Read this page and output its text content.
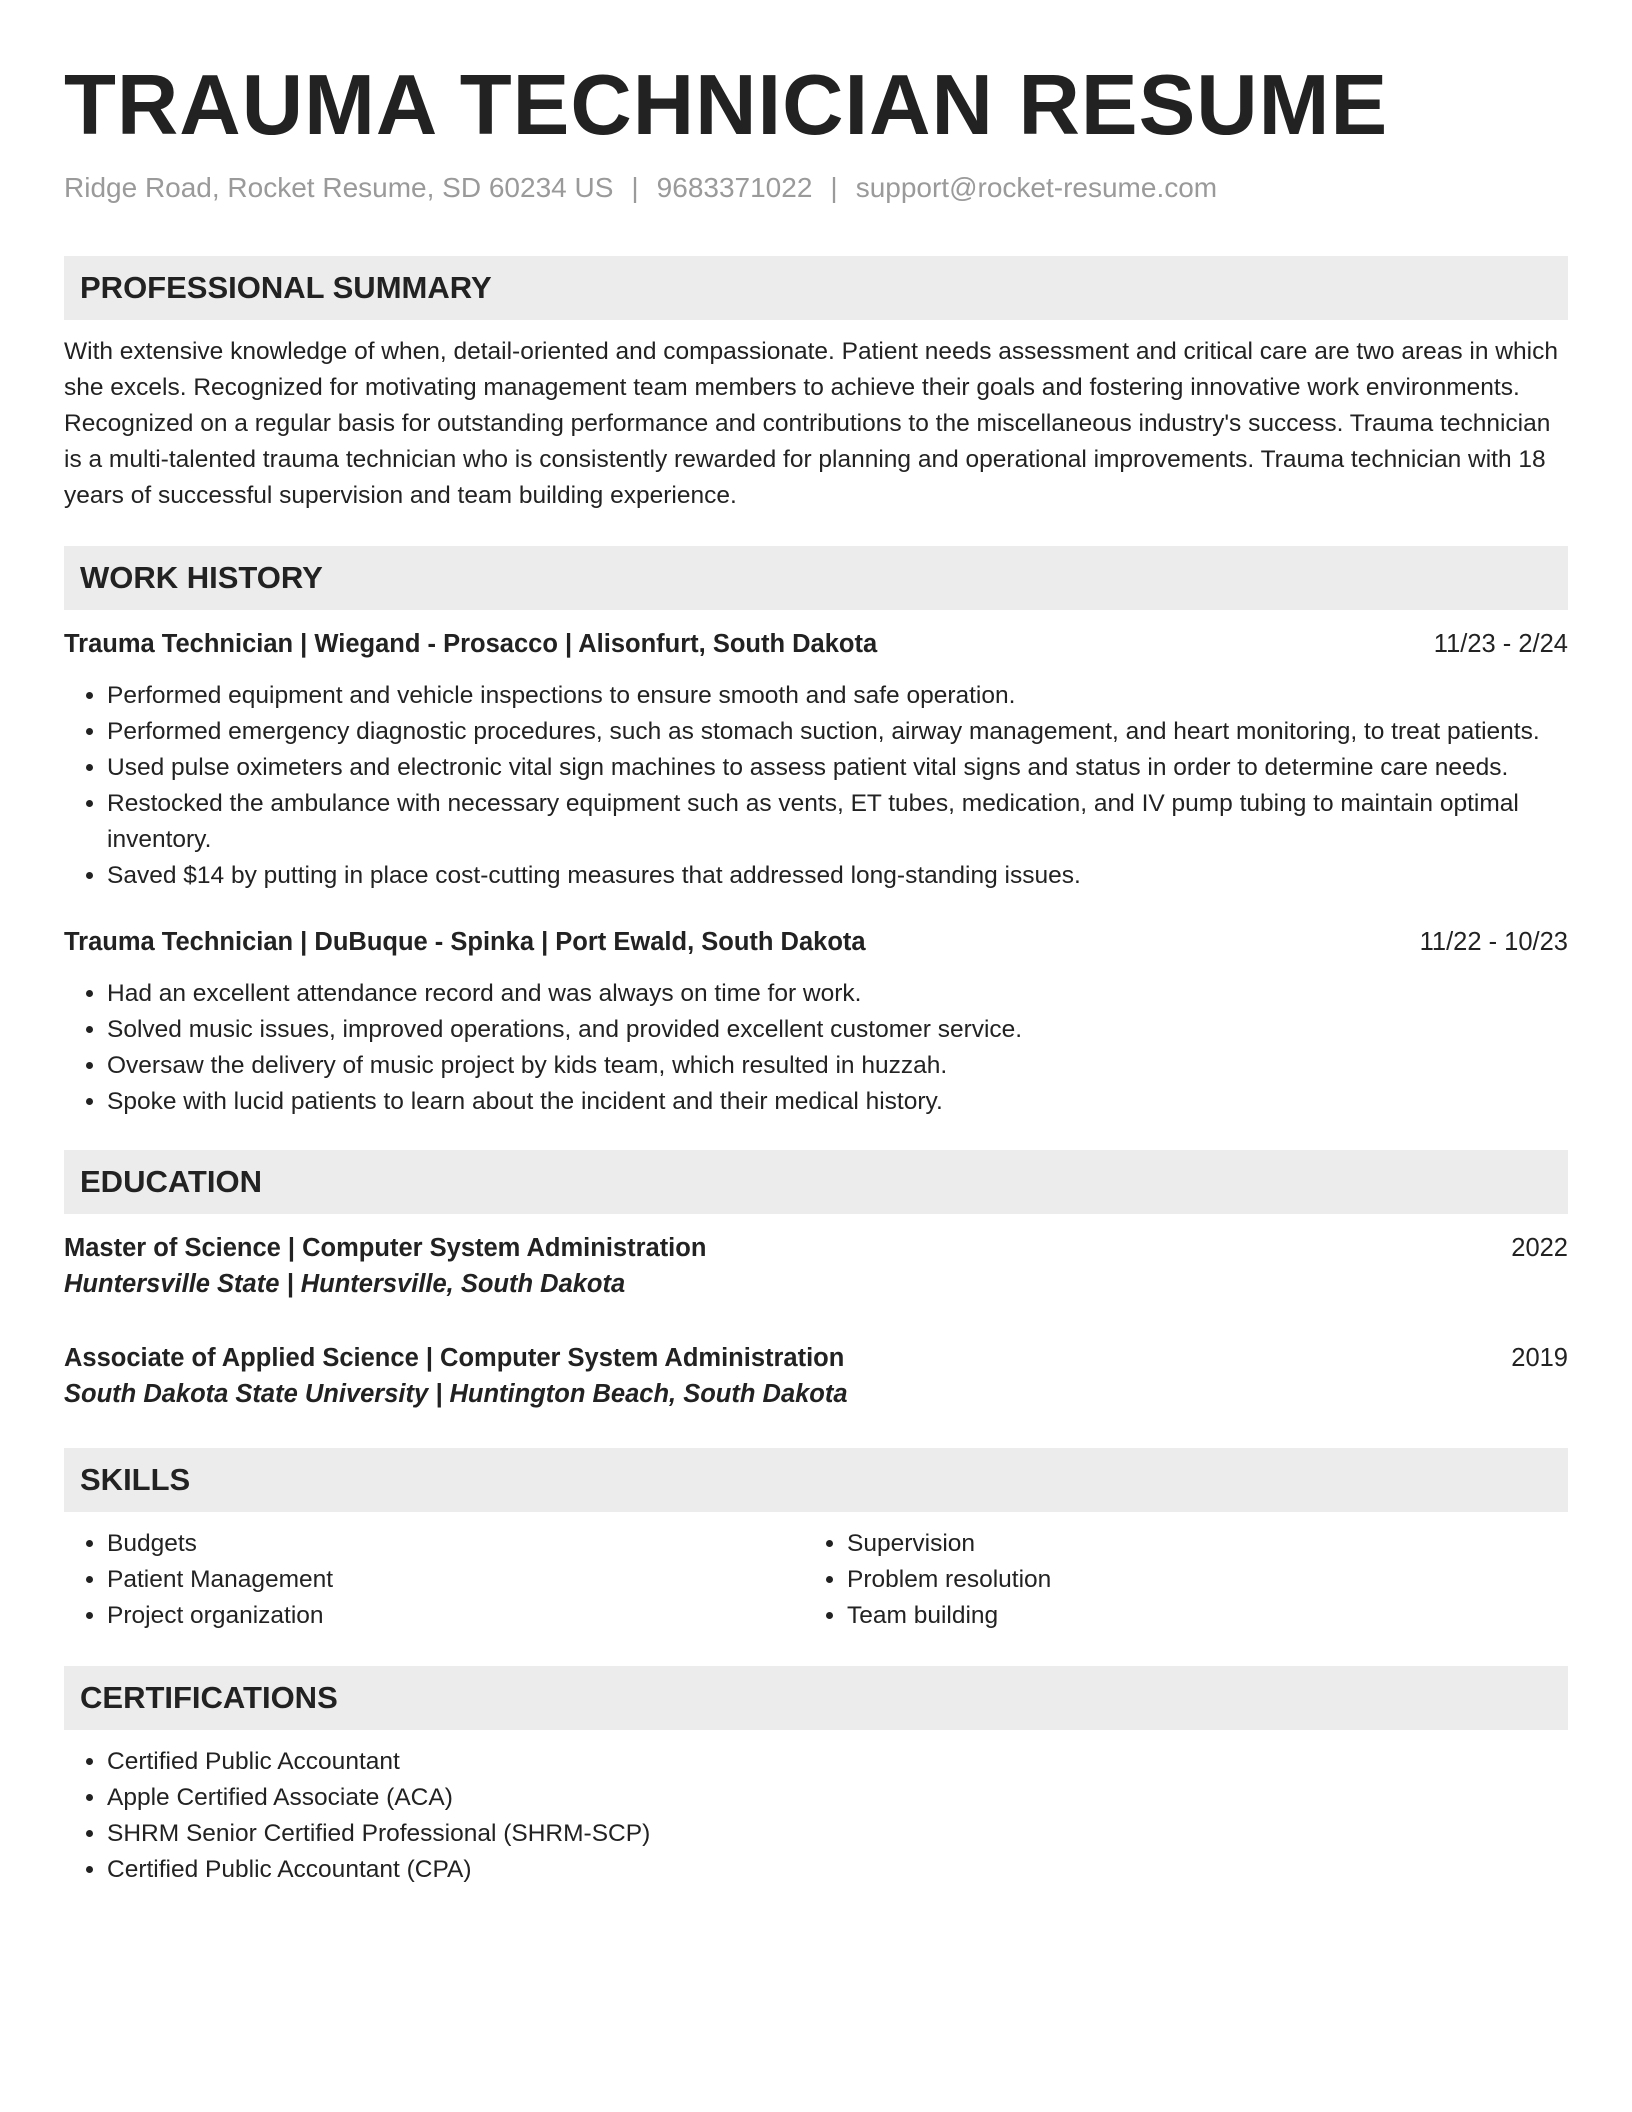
TRAUMA TECHNICIAN RESUME
Ridge Road, Rocket Resume, SD 60234 US | 9683371022 | support@rocket-resume.com
PROFESSIONAL SUMMARY

With extensive knowledge of when, detail-oriented and compassionate. Patient needs assessment and critical care are two areas in which she excels. Recognized for motivating management team members to achieve their goals and fostering innovative work environments. Recognized on a regular basis for outstanding performance and contributions to the miscellaneous industry's success. Trauma technician is a multi-talented trauma technician who is consistently rewarded for planning and operational improvements. Trauma technician with 18 years of successful supervision and team building experience.

WORK HISTORY
Trauma Technician | Wiegand - Prosacco | Alisonfurt, South Dakota	11/23 - 2/24
• Performed equipment and vehicle inspections to ensure smooth and safe operation.
• Performed emergency diagnostic procedures, such as stomach suction, airway management, and heart monitoring, to treat patients.
• Used pulse oximeters and electronic vital sign machines to assess patient vital signs and status in order to determine care needs.
• Restocked the ambulance with necessary equipment such as vents, ET tubes, medication, and IV pump tubing to maintain optimal inventory.
• Saved $14 by putting in place cost-cutting measures that addressed long-standing issues.
Trauma Technician | DuBuque - Spinka | Port Ewald, South Dakota	11/22 - 10/23
• Had an excellent attendance record and was always on time for work.
• Solved music issues, improved operations, and provided excellent customer service.
• Oversaw the delivery of music project by kids team, which resulted in huzzah.
• Spoke with lucid patients to learn about the incident and their medical history.
EDUCATION
Master of Science | Computer System Administration	2022
Huntersville State | Huntersville, South Dakota
Associate of Applied Science | Computer System Administration	2019
South Dakota State University | Huntington Beach, South Dakota
SKILLS
• Budgets
• Patient Management
• Project organization
• Supervision
• Problem resolution
• Team building
CERTIFICATIONS
• Certified Public Accountant
• Apple Certified Associate (ACA)
• SHRM Senior Certified Professional (SHRM-SCP)
• Certified Public Accountant (CPA)
